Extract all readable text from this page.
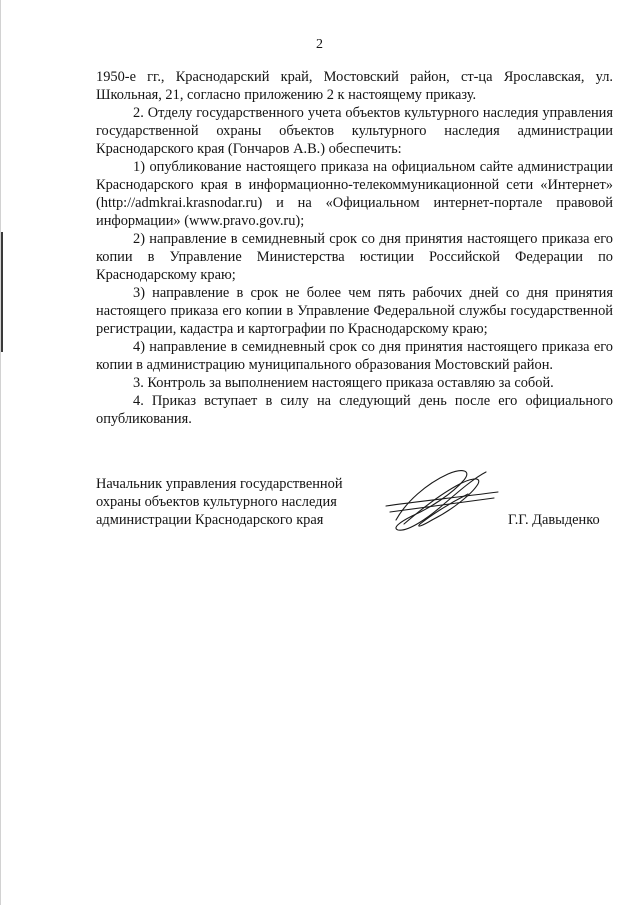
2

1950-е гг., Краснодарский край, Мостовский район, ст-ца Ярославская, ул. Школьная, 21, согласно приложению 2 к настоящему приказу.

2. Отделу государственного учета объектов культурного наследия управления государственной охраны объектов культурного наследия администрации Краснодарского края (Гончаров А.В.) обеспечить:

1) опубликование настоящего приказа на официальном сайте администрации Краснодарского края в информационно-телекоммуникационной сети «Интернет» (http://admkrai.krasnodar.ru) и на «Официальном интернет-портале правовой информации» (www.pravo.gov.ru);

2) направление в семидневный срок со дня принятия настоящего приказа его копии в Управление Министерства юстиции Российской Федерации по Краснодарскому краю;

3) направление в срок не более чем пять рабочих дней со дня принятия настоящего приказа его копии в Управление Федеральной службы государственной регистрации, кадастра и картографии по Краснодарскому краю;

4) направление в семидневный срок со дня принятия настоящего приказа его копии в администрацию муниципального образования Мостовский район.

3. Контроль за выполнением настоящего приказа оставляю за собой.

4. Приказ вступает в силу на следующий день после его официального опубликования.

Начальник управления государственной
охраны объектов культурного наследия
администрации Краснодарского края	Г.Г. Давыденко
